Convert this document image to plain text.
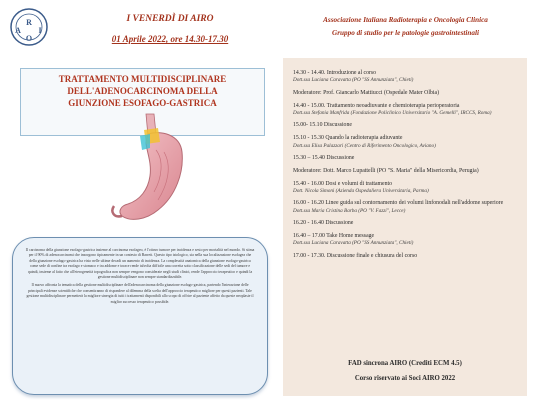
R
A I
O
I VENERDÌ DI AIRO
01 Aprile 2022, ore 14.30-17.30
Associazione Italiana Radioterapia e Oncologia Clinica
Gruppo di studio per le patologie gastrointestinali
TRATTAMENTO MULTIDISCIPLINARE
DELL'ADENOCARCINOMA DELLA
GIUNZIONE ESOFAGO-GASTRICA

Il carcinoma della giunzione esofago-gastrica insieme al carcinoma esofageo, è l'ottavo tumore per incidenza e sesto per mortalità nel mondo. Si stima per il 90% di adenocarcinomi che insorgono tipicamente in un contesto di Barrett. Questo tipo istologico, sia nella sua localizzazione esofagea che della giunzione esofago-gastrica ha visto nelle ultime decadi un aumento di incidenza. La complessità anatomica della giunzione esofago-gastrica come sede di confine tra esofago e stomaco e tra addome e torace rende talvolta difficile una corretta sotto classificazione delle sedi del tumore e quindi, insieme al fatto che all'eterogeneità topografica non sempre vengono considerate negli studi clinici, rende l'approccio terapeutico e quindi la gestione multidisciplinare non sempre standardizzabile.

Il nuovo affronta la tematica della gestione multidisciplinare dell'adenocarcinoma della giunzione esofago-gastrica, partendo l'interazione delle principali evidenze scientifiche che consentiranno di rispondere al dilemma della scelta dell'approccio terapeutico migliore per questi pazienti. Tale gestione multidisciplinare permetterà la migliore sinergia di tutti i trattamenti disponibili allo scopo di offrire al paziente affetto da queste neoplasie il miglior successo terapeutico possibile.

14.30 - 14.40. Introduzione al corso
Dott.ssa Luciana Caravatta (PO "SS Annunziata", Chieti)
Moderatore: Prof. Giancarlo Mattiucci (Ospedale Mater Olbia)
14.40 - 15.00. Trattamento neoadiuvante e chemioterapia perioperatoria
Dott.ssa Stefania Manfrida (Fondazione Policlinico Universitario "A. Gemelli", IRCCS, Roma)
15.00- 15.10 Discussione
15.10 - 15.30 Quando la radioterapia adiuvante
Dott.ssa Elisa Palazzari (Centro di Riferimento Oncologico, Aviano)
15.30 – 15.40 Discussione
Moderatore: Dott. Marco Lupattelli (PO "S. Maria" della Misericordia, Perugia)
15.40 - 16.00 Dosi e volumi di trattamento
Dott. Nicola Simoni (Azienda Ospedaliera Universitaria, Parma)
16.00 - 16.20 Linee guida sul contornamento dei volumi linfonodali nell'addome superiore
Dott.ssa Maria Cristina Barba (PO "V. Fazzi", Lecce)
16.20 - 16.40 Discussione
16.40 – 17.00 Take Home message
Dott.ssa Luciana Caravatta (PO "SS Annunziata", Chieti)
17.00 - 17.30. Discussione finale e chiusura del corso
FAD sincrona AIRO (Crediti ECM 4.5)
Corso riservato ai Soci AIRO 2022
